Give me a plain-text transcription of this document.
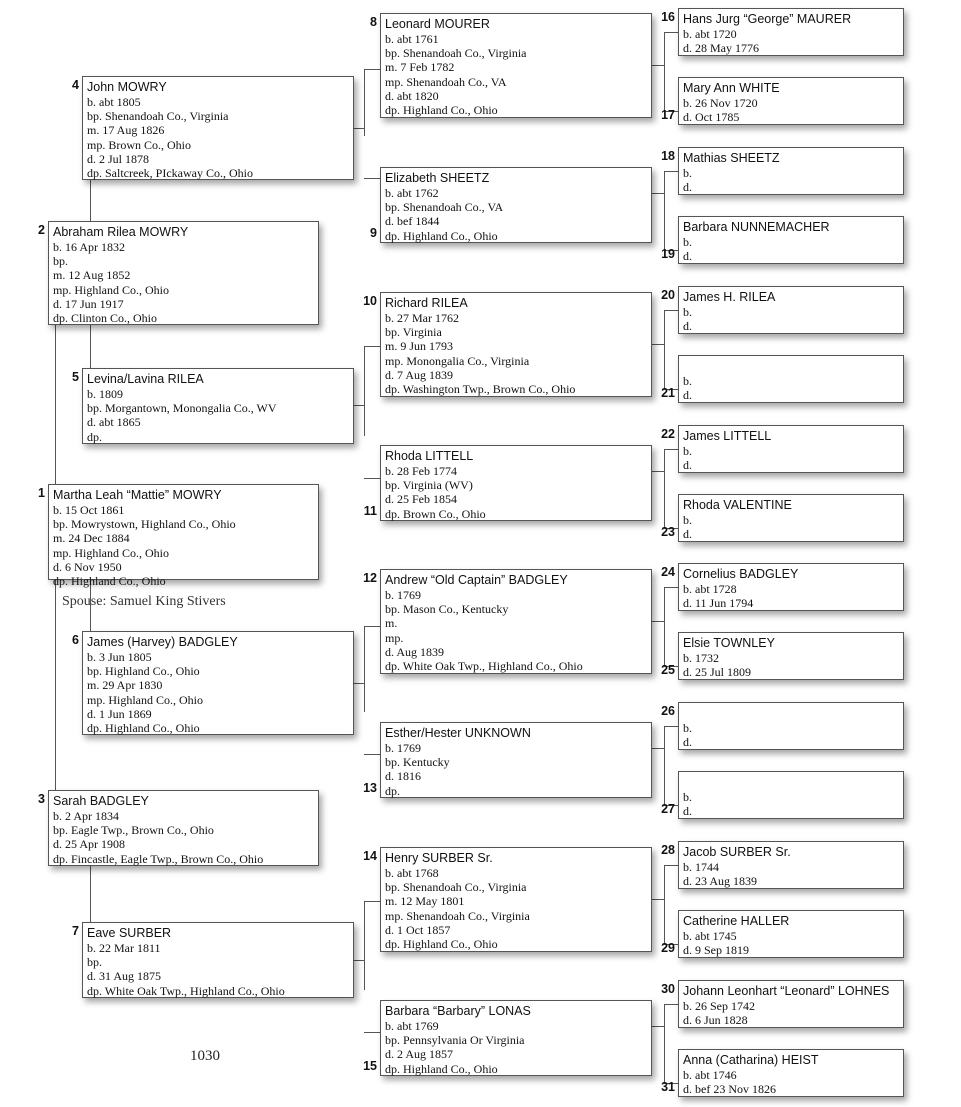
Martha Leah “Mattie” MOWRY
b. 15 Oct 1861
bp. Mowrystown, Highland Co., Ohio
m. 24 Dec 1884
mp. Highland Co., Ohio
d. 6 Nov 1950
dp. Highland Co., Ohio
1
Abraham Rilea MOWRY
b. 16 Apr 1832
bp.
m. 12 Aug 1852
mp. Highland Co., Ohio
d. 17 Jun 1917
dp. Clinton Co., Ohio
2
Sarah BADGLEY
b. 2 Apr 1834
bp. Eagle Twp., Brown Co., Ohio
d. 25 Apr 1908
dp. Fincastle, Eagle Twp., Brown Co., Ohio
3
John MOWRY
b. abt 1805
bp. Shenandoah Co., Virginia
m. 17 Aug 1826
mp. Brown Co., Ohio
d. 2 Jul 1878
dp. Saltcreek, PIckaway Co., Ohio
4
Levina/Lavina RILEA
b. 1809
bp. Morgantown, Monongalia Co., WV
d. abt 1865
dp.
5
James (Harvey) BADGLEY
b. 3 Jun 1805
bp. Highland Co., Ohio
m. 29 Apr 1830
mp. Highland Co., Ohio
d. 1 Jun 1869
dp. Highland Co., Ohio
6
Eave SURBER
b. 22 Mar 1811
bp.
d. 31 Aug 1875
dp. White Oak Twp., Highland Co., Ohio
7
Leonard MOURER
b. abt 1761
bp. Shenandoah Co., Virginia
m. 7 Feb 1782
mp. Shenandoah Co., VA
d. abt 1820
dp. Highland Co., Ohio
8
Elizabeth SHEETZ
b. abt 1762
bp. Shenandoah Co., VA
d. bef 1844
dp. Highland Co., Ohio
9
Richard RILEA
b. 27 Mar 1762
bp. Virginia
m. 9 Jun 1793
mp. Monongalia Co., Virginia
d. 7 Aug 1839
dp. Washington Twp., Brown Co., Ohio
10
Rhoda LITTELL
b. 28 Feb 1774
bp. Virginia (WV)
d. 25 Feb 1854
dp. Brown Co., Ohio
11
Andrew “Old Captain” BADGLEY
b. 1769
bp. Mason Co., Kentucky
m.
mp.
d. Aug 1839
dp. White Oak Twp., Highland Co., Ohio
12
Esther/Hester UNKNOWN
b. 1769
bp. Kentucky
d. 1816
dp.
13
Henry SURBER Sr.
b. abt 1768
bp. Shenandoah Co., Virginia
m. 12 May 1801
mp. Shenandoah Co., Virginia
d. 1 Oct 1857
dp. Highland Co., Ohio
14
Barbara “Barbary” LONAS
b. abt 1769
bp. Pennsylvania Or Virginia
d. 2 Aug 1857
dp. Highland Co., Ohio
15
Hans Jurg “George” MAURER
b. abt 1720
d. 28 May 1776
16
Mary Ann WHITE
b. 26 Nov 1720
d. Oct 1785
17
Mathias SHEETZ
b.
d.
18
Barbara NUNNEMACHER
b.
d.
19
James H. RILEA
b.
d.
20
b.
d.
21
James LITTELL
b.
d.
22
Rhoda VALENTINE
b.
d.
23
Cornelius BADGLEY
b. abt 1728
d. 11 Jun 1794
24
Elsie TOWNLEY
b. 1732
d. 25 Jul 1809
25
b.
d.
26
b.
d.
27
Jacob SURBER Sr.
b. 1744
d. 23 Aug 1839
28
Catherine HALLER
b. abt 1745
d. 9 Sep 1819
29
Johann Leonhart “Leonard” LOHNES
b. 26 Sep 1742
d. 6 Jun 1828
30
Anna (Catharina) HEIST
b. abt 1746
d. bef 23 Nov 1826
31
Spouse: Samuel King Stivers
1030
